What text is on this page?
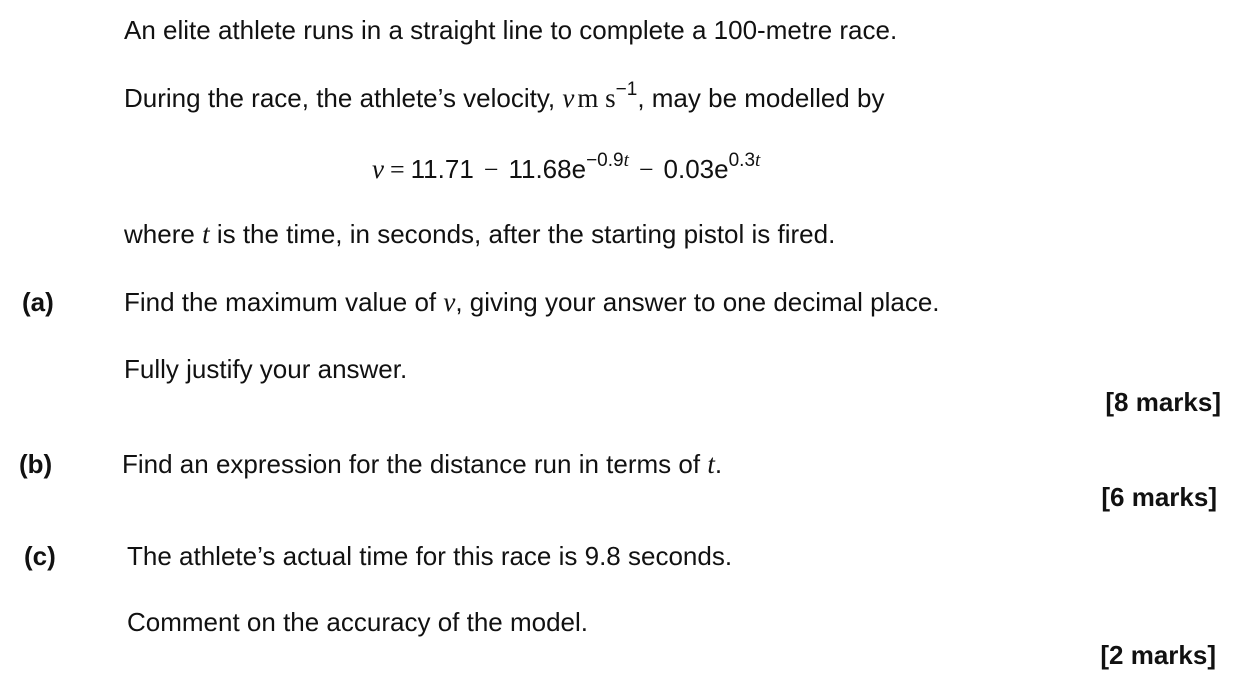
An elite athlete runs in a straight line to complete a 100-metre race.
During the race, the athlete’s velocity, v m $s^{-1}$, may be modelled by
$v = 11.71 - 11.68e^{-0.9t} - 0.03e^{0.3t}$
where t is the time, in seconds, after the starting pistol is fired.
(a)	Find the maximum value of v, giving your answer to one decimal place.
Fully justify your answer.
[8 marks]
(b)	Find an expression for the distance run in terms of t.
[6 marks]
(c)	The athlete’s actual time for this race is 9.8 seconds.
Comment on the accuracy of the model.
[2 marks]
